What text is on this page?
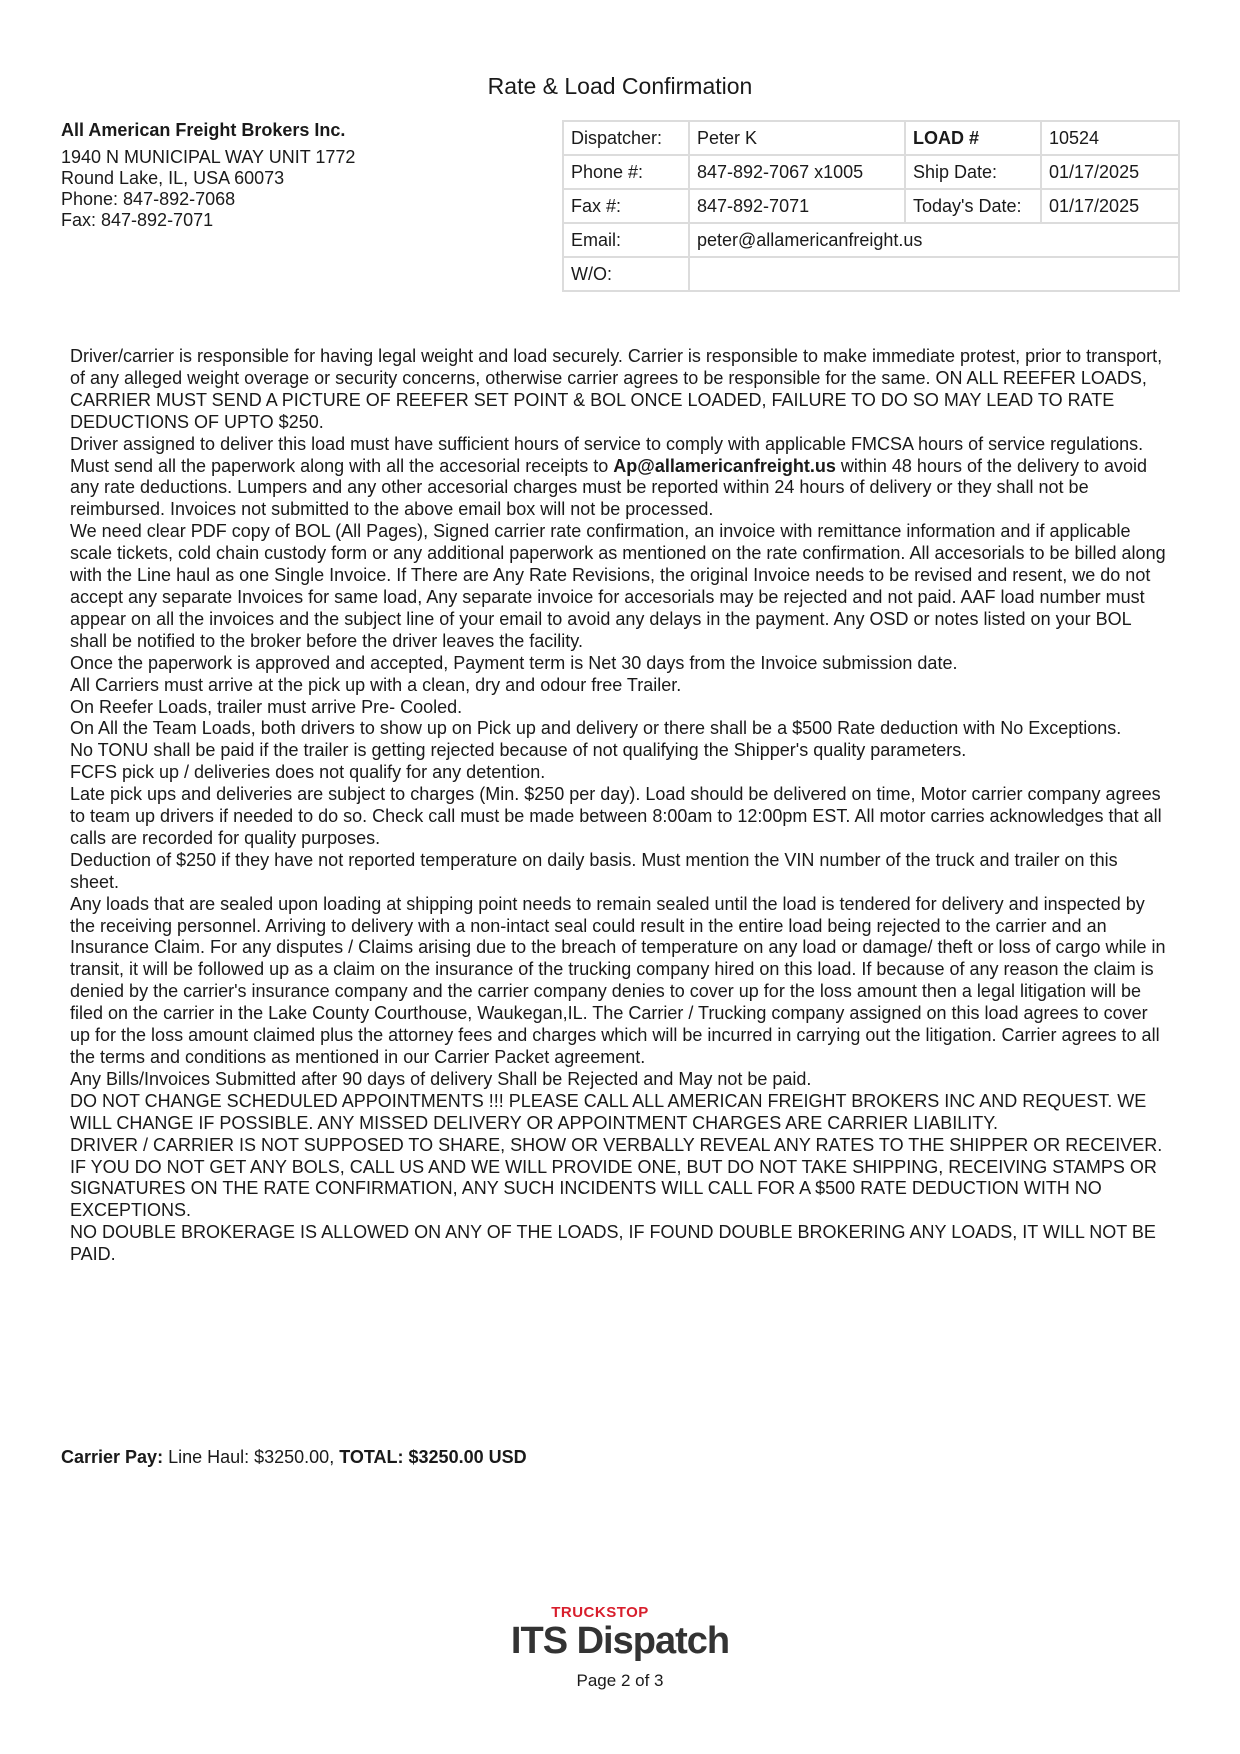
Rate & Load Confirmation
All American Freight Brokers Inc.
1940 N MUNICIPAL WAY UNIT 1772
Round Lake, IL, USA 60073
Phone: 847-892-7068
Fax: 847-892-7071
Dispatcher:	Peter K	LOAD #	10524
Phone #:	847-892-7067 x1005	Ship Date:	01/17/2025
Fax #:	847-892-7071	Today's Date:	01/17/2025
Email:	peter@allamericanfreight.us		
W/O:			

Driver/carrier is responsible for having legal weight and load securely. Carrier is responsible to make immediate protest, prior to transport, of any alleged weight overage or security concerns, otherwise carrier agrees to be responsible for the same. ON ALL REEFER LOADS, CARRIER MUST SEND A PICTURE OF REEFER SET POINT & BOL ONCE LOADED, FAILURE TO DO SO MAY LEAD TO RATE DEDUCTIONS OF UPTO $250.

Driver assigned to deliver this load must have sufficient hours of service to comply with applicable FMCSA hours of service regulations.

Must send all the paperwork along with all the accesorial receipts to Ap@allamericanfreight.us within 48 hours of the delivery to avoid any rate deductions. Lumpers and any other accesorial charges must be reported within 24 hours of delivery or they shall not be reimbursed. Invoices not submitted to the above email box will not be processed.

We need clear PDF copy of BOL (All Pages), Signed carrier rate confirmation, an invoice with remittance information and if applicable scale tickets, cold chain custody form or any additional paperwork as mentioned on the rate confirmation. All accesorials to be billed along with the Line haul as one Single Invoice. If There are Any Rate Revisions, the original Invoice needs to be revised and resent, we do not accept any separate Invoices for same load, Any separate invoice for accesorials may be rejected and not paid. AAF load number must appear on all the invoices and the subject line of your email to avoid any delays in the payment. Any OSD or notes listed on your BOL shall be notified to the broker before the driver leaves the facility.

Once the paperwork is approved and accepted, Payment term is Net 30 days from the Invoice submission date.

All Carriers must arrive at the pick up with a clean, dry and odour free Trailer.

On Reefer Loads, trailer must arrive Pre- Cooled.

On All the Team Loads, both drivers to show up on Pick up and delivery or there shall be a $500 Rate deduction with No Exceptions.

No TONU shall be paid if the trailer is getting rejected because of not qualifying the Shipper's quality parameters.

FCFS pick up / deliveries does not qualify for any detention.

Late pick ups and deliveries are subject to charges (Min. $250 per day). Load should be delivered on time, Motor carrier company agrees to team up drivers if needed to do so. Check call must be made between 8:00am to 12:00pm EST. All motor carries acknowledges that all calls are recorded for quality purposes.

Deduction of $250 if they have not reported temperature on daily basis. Must mention the VIN number of the truck and trailer on this sheet.

Any loads that are sealed upon loading at shipping point needs to remain sealed until the load is tendered for delivery and inspected by the receiving personnel. Arriving to delivery with a non-intact seal could result in the entire load being rejected to the carrier and an Insurance Claim. For any disputes / Claims arising due to the breach of temperature on any load or damage/ theft or loss of cargo while in transit, it will be followed up as a claim on the insurance of the trucking company hired on this load. If because of any reason the claim is denied by the carrier's insurance company and the carrier company denies to cover up for the loss amount then a legal litigation will be filed on the carrier in the Lake County Courthouse, Waukegan,IL. The Carrier / Trucking company assigned on this load agrees to cover up for the loss amount claimed plus the attorney fees and charges which will be incurred in carrying out the litigation. Carrier agrees to all the terms and conditions as mentioned in our Carrier Packet agreement.

Any Bills/Invoices Submitted after 90 days of delivery Shall be Rejected and May not be paid.

DO NOT CHANGE SCHEDULED APPOINTMENTS !!! PLEASE CALL ALL AMERICAN FREIGHT BROKERS INC AND REQUEST. WE WILL CHANGE IF POSSIBLE. ANY MISSED DELIVERY OR APPOINTMENT CHARGES ARE CARRIER LIABILITY.

DRIVER / CARRIER IS NOT SUPPOSED TO SHARE, SHOW OR VERBALLY REVEAL ANY RATES TO THE SHIPPER OR RECEIVER.

IF YOU DO NOT GET ANY BOLS, CALL US AND WE WILL PROVIDE ONE, BUT DO NOT TAKE SHIPPING, RECEIVING STAMPS OR SIGNATURES ON THE RATE CONFIRMATION, ANY SUCH INCIDENTS WILL CALL FOR A $500 RATE DEDUCTION WITH NO EXCEPTIONS.

NO DOUBLE BROKERAGE IS ALLOWED ON ANY OF THE LOADS, IF FOUND DOUBLE BROKERING ANY LOADS, IT WILL NOT BE PAID.

Carrier Pay: Line Haul: $3250.00, TOTAL: $3250.00 USD
TRUCKSTOP
ITS Dispatch
Page 2 of 3
